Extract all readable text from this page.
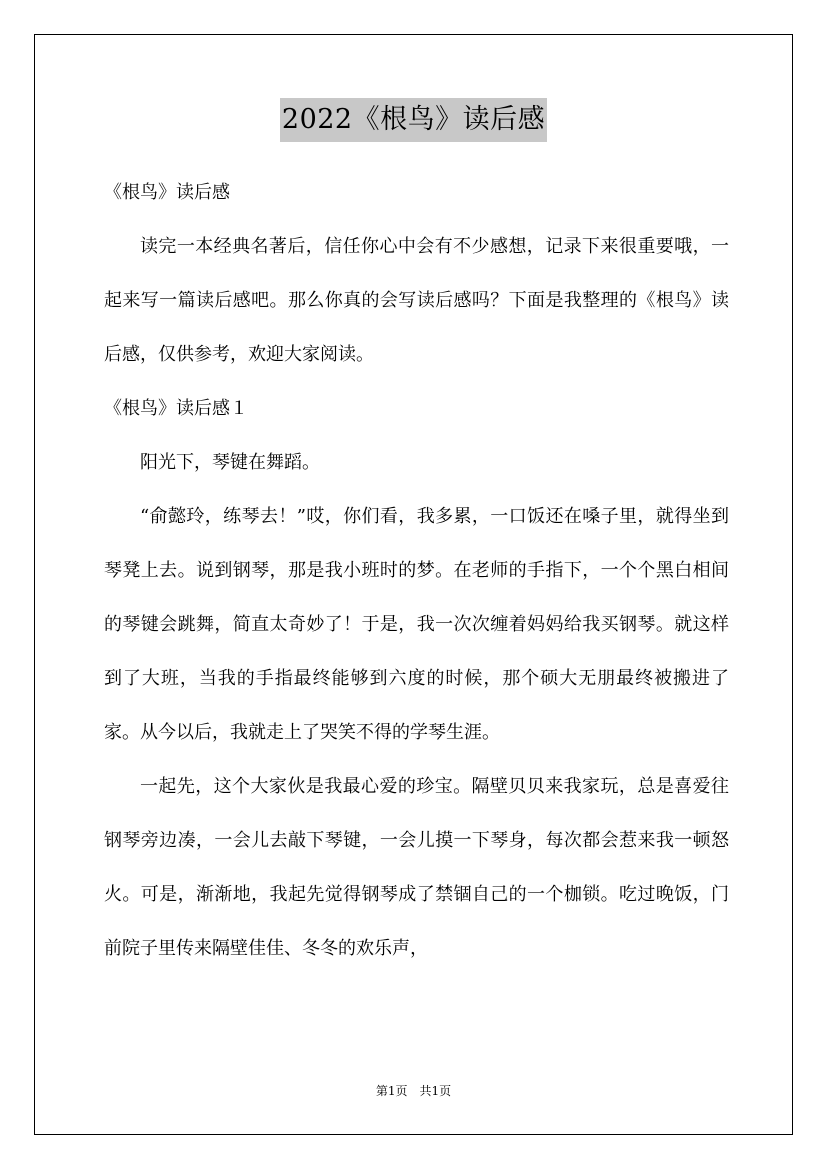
2022《根鸟》读后感

《根鸟》读后感

读完一本经典名著后，信任你心中会有不少感想，记录下来很重要哦，一起来写一篇读后感吧。那么你真的会写读后感吗？下面是我整理的《根鸟》读后感，仅供参考，欢迎大家阅读。

《根鸟》读后感１

阳光下，琴键在舞蹈。

“俞懿玲，练琴去！”哎，你们看，我多累，一口饭还在嗓子里，就得坐到琴凳上去。说到钢琴，那是我小班时的梦。在老师的手指下，一个个黑白相间的琴键会跳舞，简直太奇妙了！于是，我一次次缠着妈妈给我买钢琴。就这样到了大班，当我的手指最终能够到六度的时候，那个硕大无朋最终被搬进了家。从今以后，我就走上了哭笑不得的学琴生涯。

一起先，这个大家伙是我最心爱的珍宝。隔壁贝贝来我家玩，总是喜爱往钢琴旁边凑，一会儿去敲下琴键，一会儿摸一下琴身，每次都会惹来我一顿怒火。可是，渐渐地，我起先觉得钢琴成了禁锢自己的一个枷锁。吃过晚饭，门前院子里传来隔壁佳佳、冬冬的欢乐声，

第1页　共1页
